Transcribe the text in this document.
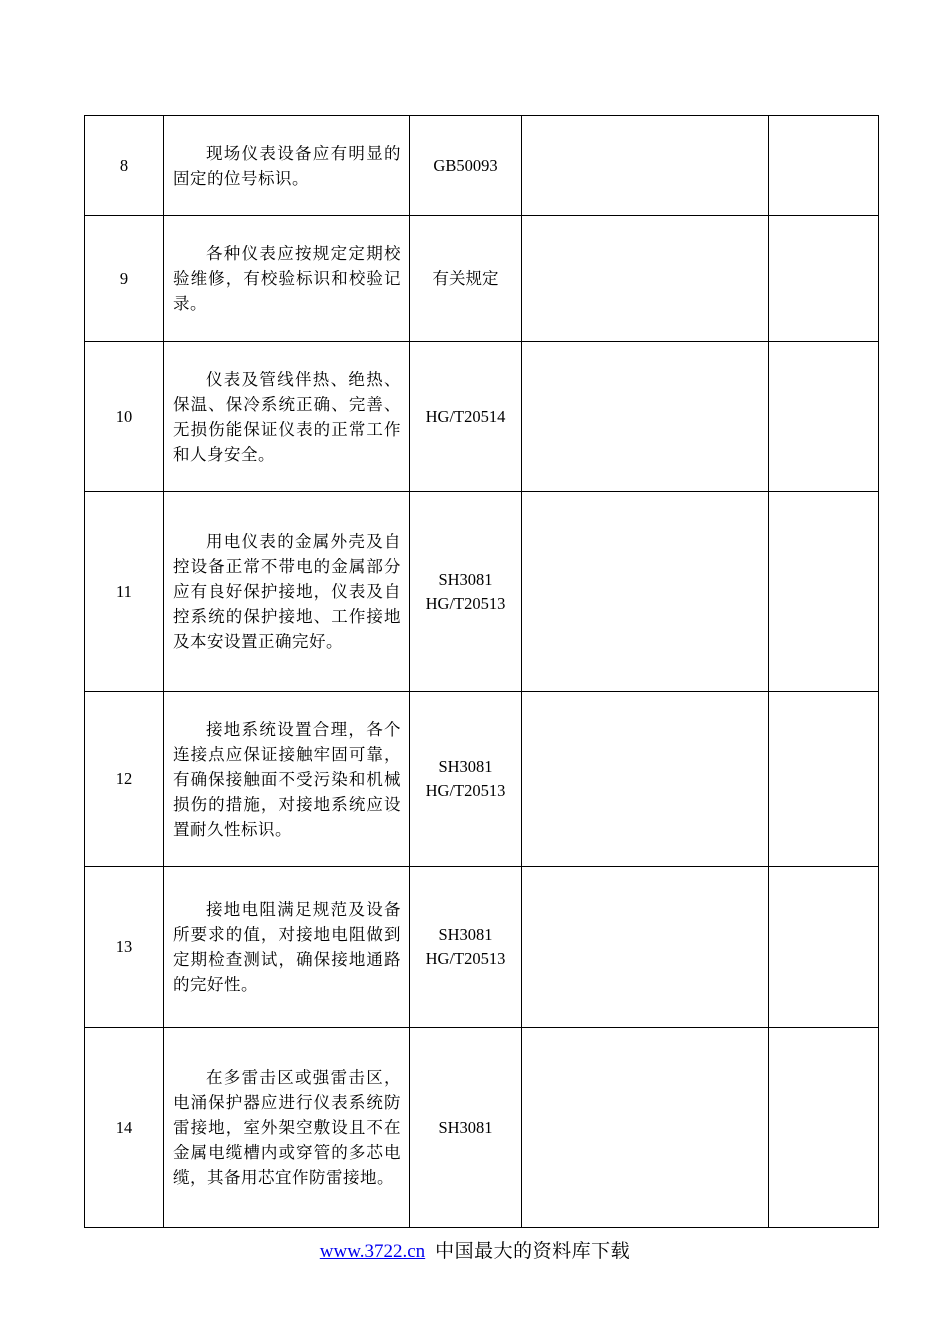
8	现场仪表设备应有明显的固定的位号标识。	GB50093		

9	各种仪表应按规定定期校验维修，有校验标识和校验记录。	有关规定		

10	仪表及管线伴热、绝热、保温、保冷系统正确、完善、无损伤能保证仪表的正常工作和人身安全。	HG/T20514		

11	用电仪表的金属外壳及自控设备正常不带电的金属部分应有良好保护接地，仪表及自控系统的保护接地、工作接地及本安设置正确完好。	SH3081
HG/T20513		

12	接地系统设置合理，各个连接点应保证接触牢固可靠，有确保接触面不受污染和机械损伤的措施，对接地系统应设置耐久性标识。	SH3081
HG/T20513		

13	接地电阻满足规范及设备所要求的值，对接地电阻做到定期检查测试，确保接地通路的完好性。	SH3081
HG/T20513		

14	在多雷击区或强雷击区，电涌保护器应进行仪表系统防雷接地，室外架空敷设且不在金属电缆槽内或穿管的多芯电缆，其备用芯宜作防雷接地。	SH3081		

www.3722.cn 中国最大的资料库下载
